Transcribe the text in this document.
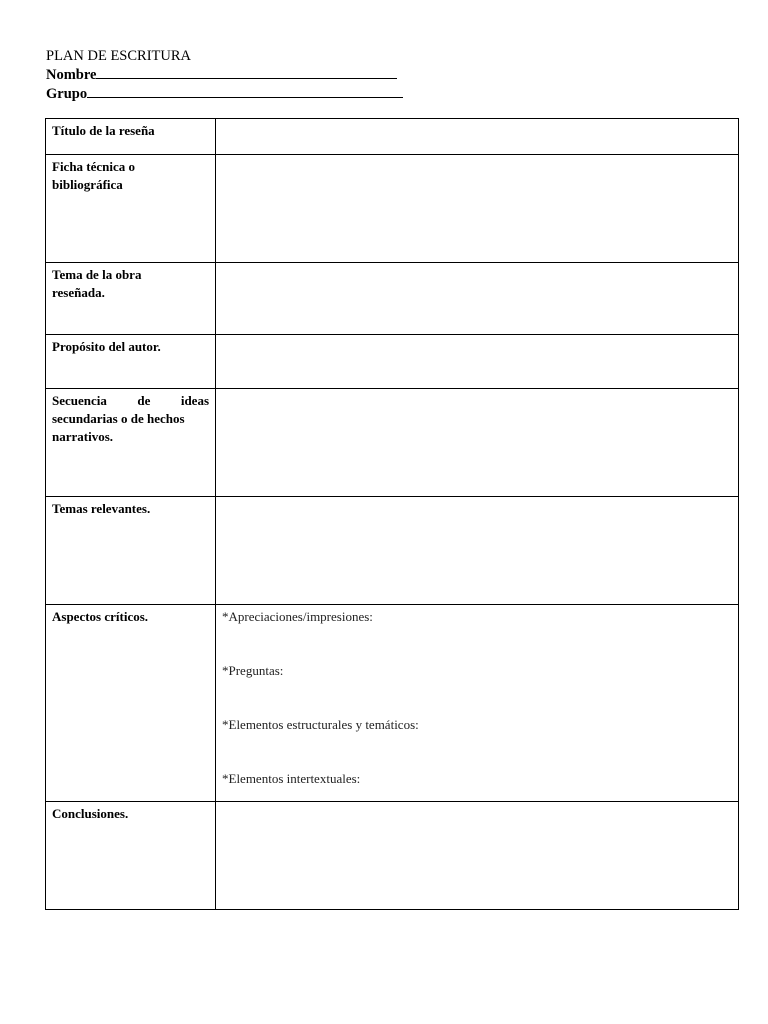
PLAN DE ESCRITURA
Nombre
Grupo
Título de la reseña	

Ficha técnica o
bibliográfica	

Tema de la obra
reseñada.	

Propósito del autor.	

Secuencia de ideas
secundarias o de hechos
narrativos.	

Temas relevantes.	
Aspectos críticos.	*Apreciaciones/impresiones:
*Preguntas:
*Elementos estructurales y temáticos:
*Elementos intertextuales:

Conclusiones.	
